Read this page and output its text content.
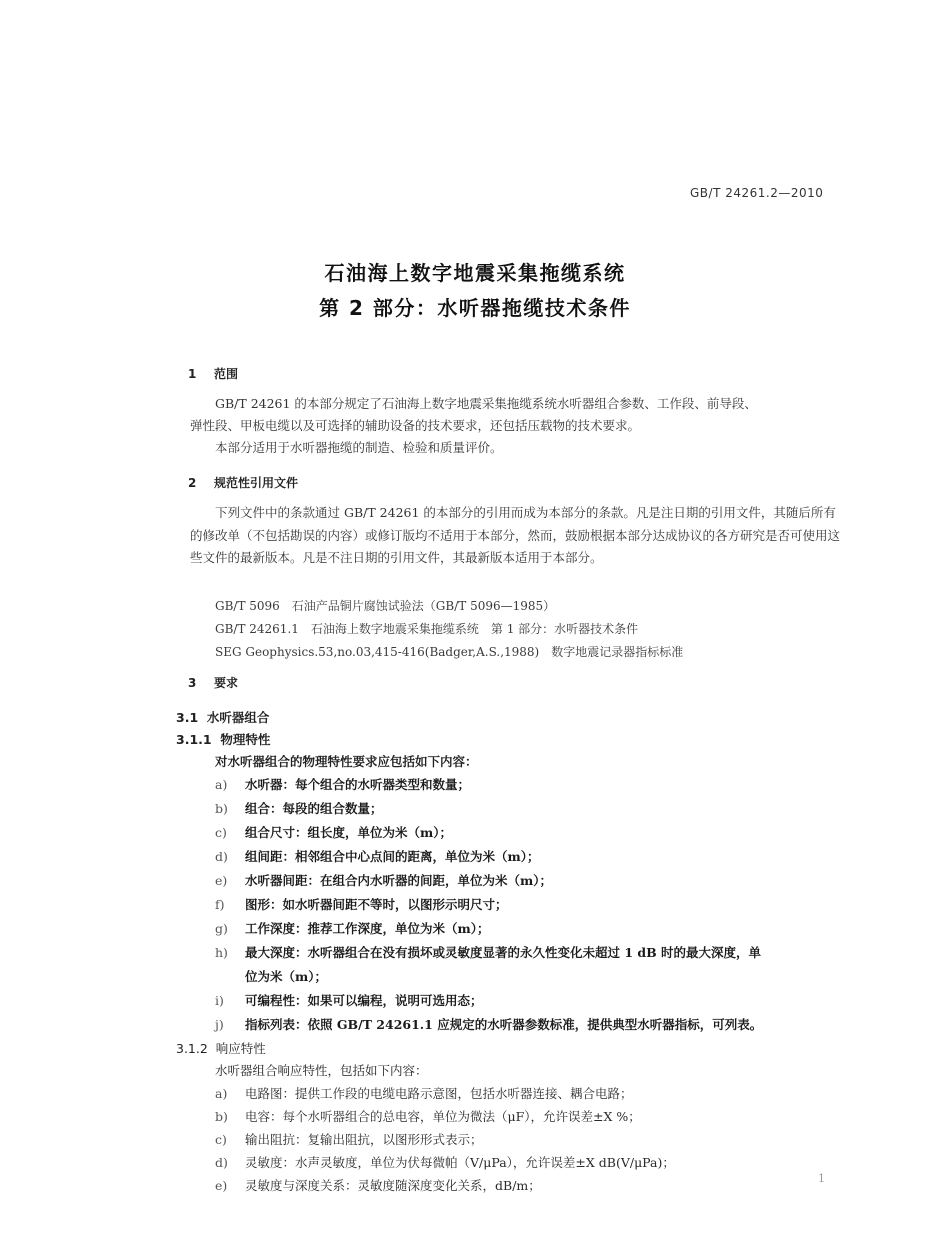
GB/T 24261.2—2010
石油海上数字地震采集拖缆系统
第 2 部分：水听器拖缆技术条件
1 范围
GB/T 24261 的本部分规定了石油海上数字地震采集拖缆系统水听器组合参数、工作段、前导段、
弹性段、甲板电缆以及可选择的辅助设备的技术要求，还包括压载物的技术要求。
本部分适用于水听器拖缆的制造、检验和质量评价。
2 规范性引用文件
下列文件中的条款通过 GB/T 24261 的本部分的引用而成为本部分的条款。凡是注日期的引用文件，其随后所有的修改单（不包括勘误的内容）或修订版均不适用于本部分，然而，鼓励根据本部分达成协议的各方研究是否可使用这些文件的最新版本。凡是不注日期的引用文件，其最新版本适用于本部分。
GB/T 5096　石油产品铜片腐蚀试验法（GB/T 5096—1985）
GB/T 24261.1　石油海上数字地震采集拖缆系统　第 1 部分：水听器技术条件
SEG Geophysics.53,no.03,415-416(Badger,A.S.,1988)　数字地震记录器指标标准
3 要求
3.1 水听器组合
3.1.1 物理特性
对水听器组合的物理特性要求应包括如下内容：
a) 水听器：每个组合的水听器类型和数量；
b) 组合：每段的组合数量；
c) 组合尺寸：组长度，单位为米（m）；
d) 组间距：相邻组合中心点间的距离，单位为米（m）；
e) 水听器间距：在组合内水听器的间距，单位为米（m）；
f) 图形：如水听器间距不等时，以图形示明尺寸；
g) 工作深度：推荐工作深度，单位为米（m）；
h) 最大深度：水听器组合在没有损坏或灵敏度显著的永久性变化未超过 1 dB 时的最大深度，单
位为米（m）；
i) 可编程性：如果可以编程，说明可选用态；
j) 指标列表：依照 GB/T 24261.1 应规定的水听器参数标准，提供典型水听器指标，可列表。
3.1.2 响应特性
水听器组合响应特性，包括如下内容：
a) 电路图：提供工作段的电缆电路示意图，包括水听器连接、耦合电路；
b) 电容：每个水听器组合的总电容，单位为微法（μF），允许误差±X %；
c) 输出阻抗：复输出阻抗，以图形形式表示；
d) 灵敏度：水声灵敏度，单位为伏每微帕（V/μPa），允许误差±X dB(V/μPa)；
e) 灵敏度与深度关系：灵敏度随深度变化关系，dB/m；	1
